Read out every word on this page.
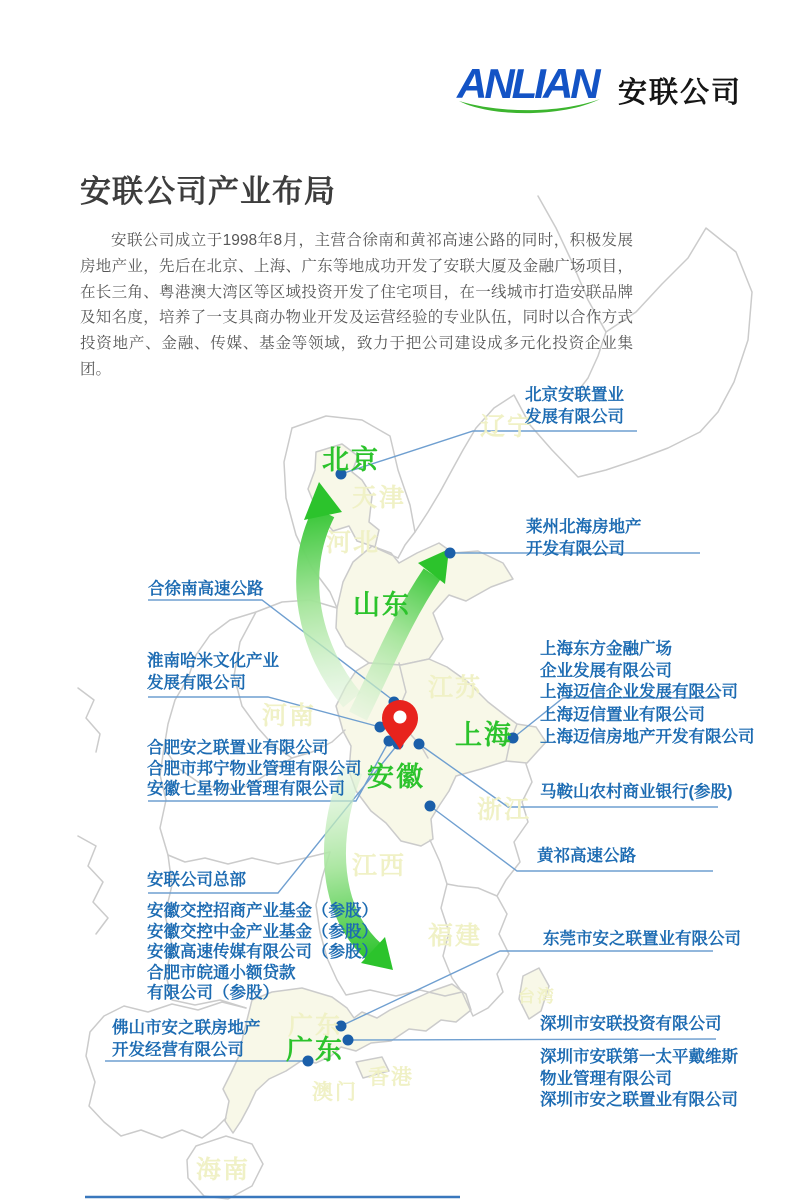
辽宁
天津
河北
河南
江苏
浙江
江西
福建
广东
香港
澳门
海南
台湾
北京
山东
上海
安徽
广东
北京安联置业
发展有限公司
莱州北海房地产
开发有限公司
合徐南高速公路
淮南哈米文化产业
发展有限公司
合肥安之联置业有限公司
合肥市邦宁物业管理有限公司
安徽七星物业管理有限公司
上海东方金融广场
企业发展有限公司
上海迈信企业发展有限公司
上海迈信置业有限公司
上海迈信房地产开发有限公司
马鞍山农村商业银行(参股)
黄祁高速公路
安联公司总部
安徽交控招商产业基金（参股）
安徽交控中金产业基金（参股）
安徽高速传媒有限公司（参股）
合肥市皖通小额贷款
有限公司（参股）
东莞市安之联置业有限公司
佛山市安之联房地产
开发经营有限公司
深圳市安联投资有限公司
深圳市安联第一太平戴维斯
物业管理有限公司
深圳市安之联置业有限公司
ANLIAN 安联公司
安联公司产业布局
安联公司成立于1998年8月，主营合徐南和黄祁高速公路的同时，积极发展房地产业，先后在北京、上海、广东等地成功开发了安联大厦及金融广场项目，在长三角、粤港澳大湾区等区域投资开发了住宅项目，在一线城市打造安联品牌及知名度，培养了一支具商办物业开发及运营经验的专业队伍，同时以合作方式投资地产、金融、传媒、基金等领域，致力于把公司建设成多元化投资企业集团。
